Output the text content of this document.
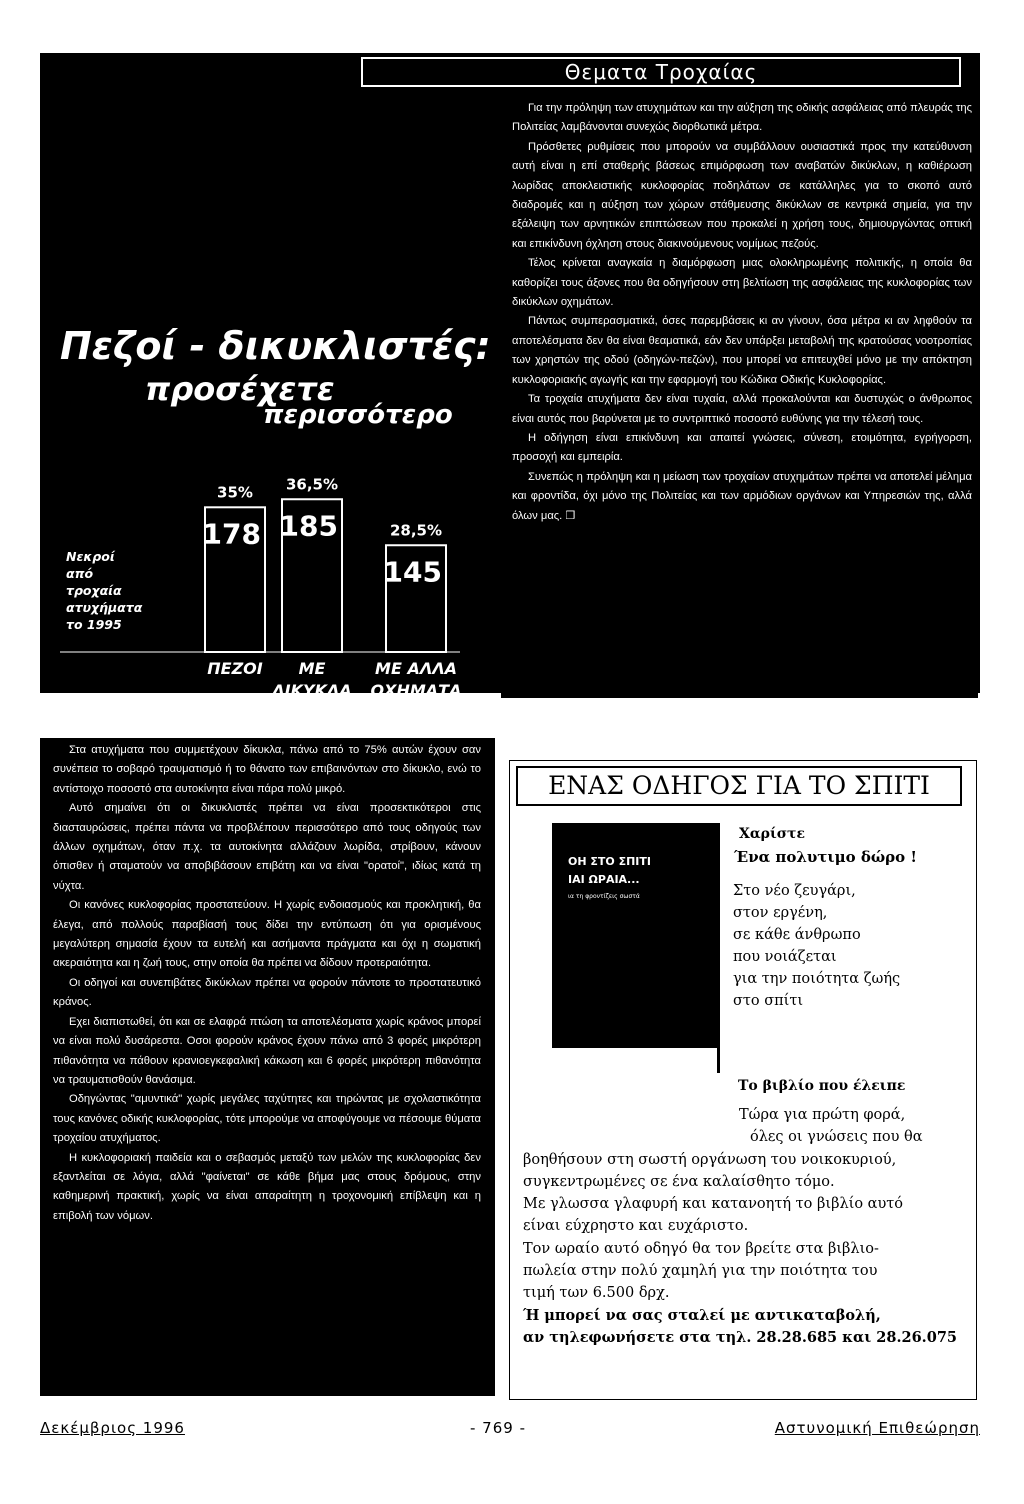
Θεματα Τροχαίας
Πεζοί - δικυκλιστές:
προσέχετε
περισσότερο
Νεκροί
από
τροχαία
ατυχήματα
το 1995
178
35%
ΠΕΖΟΙ
185
36,5%
ΜΕ
ΔΙΚΥΚΛΑ
145
28,5%
ΜΕ ΑΛΛΑ
ΟΧΗΜΑΤΑ
ΔΙΕΥΘΥΝΣΗ ΤΡΟΧΑΙΑΣ ΑΤΤΙΚΗΣ

Στα ατυχήματα που συμμετέχουν δίκυκλα, πάνω από το 75% αυτών έχουν σαν συνέπεια το σοβαρό τραυματισμό ή το θάνατο των επιβαινόντων στο δίκυκλο, ενώ το αντίστοιχο ποσοστό στα αυτοκίνητα είναι πάρα πολύ μικρό.

Αυτό σημαίνει ότι οι δικυκλιστές πρέπει να είναι προσεκτικότεροι στις διασταυρώσεις, πρέπει πάντα να προβλέπουν περισσότερο από τους οδηγούς των άλλων οχημάτων, όταν π.χ. τα αυτοκίνητα αλλάζουν λωρίδα, στρίβουν, κάνουν όπισθεν ή σταματούν να αποβιβάσουν επιβάτη και να είναι "ορατοί", ιδίως κατά τη νύχτα.

Οι κανόνες κυκλοφορίας προστατεύουν. Η χωρίς ενδοιασμούς και προκλητική, θα έλεγα, από πολλούς παραβίασή τους δίδει την εντύπωση ότι για ορισμένους μεγαλύτερη σημασία έχουν τα ευτελή και ασήμαντα πράγματα και όχι η σωματική ακεραιότητα και η ζωή τους, στην οποία θα πρέπει να δίδουν προτεραιότητα.

Οι οδηγοί και συνεπιβάτες δικύκλων πρέπει να φορούν πάντοτε το προστατευτικό κράνος.

Εχει διαπιστωθεί, ότι και σε ελαφρά πτώση τα αποτελέσματα χωρίς κράνος μπορεί να είναι πολύ δυσάρεστα. Οσοι φορούν κράνος έχουν πάνω από 3 φορές μικρότερη πιθανότητα να πάθουν κρανιοεγκεφαλική κάκωση και 6 φορές μικρότερη πιθανότητα να τραυματισθούν θανάσιμα.

Οδηγώντας "αμυντικά" χωρίς μεγάλες ταχύτητες και τηρώντας με σχολαστικότητα τους κανόνες οδικής κυκλοφορίας, τότε μπορούμε να αποφύγουμε να πέσουμε θύματα τροχαίου ατυχήματος.

Η κυκλοφοριακή παιδεία και ο σεβασμός μεταξύ των μελών της κυκλοφορίας δεν εξαντλείται σε λόγια, αλλά "φαίνεται" σε κάθε βήμα μας στους δρόμους, στην καθημερινή πρακτική, χωρίς να είναι απαραίτητη η τροχονομική επίβλεψη και η επιβολή των νόμων.

Για την πρόληψη των ατυχημάτων και την αύξηση της οδικής ασφάλειας από πλευράς της Πολιτείας λαμβάνονται συνεχώς διορθωτικά μέτρα.

Πρόσθετες ρυθμίσεις που μπορούν να συμβάλλουν ουσιαστικά προς την κατεύθυνση αυτή είναι η επί σταθερής βάσεως επιμόρφωση των αναβατών δικύκλων, η καθιέρωση λωρίδας αποκλειστικής κυκλοφορίας ποδηλάτων σε κατάλληλες για το σκοπό αυτό διαδρομές και η αύξηση των χώρων στάθμευσης δικύκλων σε κεντρικά σημεία, για την εξάλειψη των αρνητικών επιπτώσεων που προκαλεί η χρήση τους, δημιουργώντας οπτική και επικίνδυνη όχληση στους διακινούμενους νομίμως πεζούς.

Τέλος κρίνεται αναγκαία η διαμόρφωση μιας ολοκληρωμένης πολιτικής, η οποία θα καθορίζει τους άξονες που θα οδηγήσουν στη βελτίωση της ασφάλειας της κυκλοφορίας των δικύκλων οχημάτων.

Πάντως συμπερασματικά, όσες παρεμβάσεις κι αν γίνουν, όσα μέτρα κι αν ληφθούν τα αποτελέσματα δεν θα είναι θεαματικά, εάν δεν υπάρξει μεταβολή της κρατούσας νοοτροπίας των χρηστών της οδού (οδηγών-πεζών), που μπορεί να επιτευχθεί μόνο με την απόκτηση κυκλοφοριακής αγωγής και την εφαρμογή του Κώδικα Οδικής Κυκλοφορίας.

Τα τροχαία ατυχήματα δεν είναι τυχαία, αλλά προκαλούνται και δυστυχώς ο άνθρωπος είναι αυτός που βαρύνεται με το συντριπτικό ποσοστό ευθύνης για την τέλεσή τους.

Η οδήγηση είναι επικίνδυνη και απαιτεί γνώσεις, σύνεση, ετοιμότητα, εγρήγορση, προσοχή και εμπειρία.

Συνεπώς η πρόληψη και η μείωση των τροχαίων ατυχημάτων πρέπει να αποτελεί μέλημα και φροντίδα, όχι μόνο της Πολιτείας και των αρμόδιων οργάνων και Υπηρεσιών της, αλλά όλων μας. ❒

ΕΝΑΣ ΟΔΗΓΟΣ ΓΙΑ ΤΟ ΣΠΙΤΙ
ΟΗ ΣΤΟ ΣΠΙΤΙ
ΙΑΙ ΩΡΑΙΑ...
ια τη φροντίζεις σωστά
Χαρίστε
Ένα πολυτιμο δώρο !
Στο νέο ζευγάρι,
στον εργένη,
σε κάθε άνθρωπο
που νοιάζεται
για την ποιότητα ζωής
στο σπίτι
Το βιβλίο που έλειπε
Τώρα για πρώτη φορά,
όλες οι γνώσεις που θα
βοηθήσουν στη σωστή οργάνωση του νοικοκυριού,
συγκεντρωμένες σε ένα καλαίσθητο τόμο.
Με γλωσσα γλαφυρή και κατανοητή το βιβλίο αυτό
είναι εύχρηστο και ευχάριστο.
Τον ωραίο αυτό οδηγό θα τον βρείτε στα βιβλιο-
πωλεία στην πολύ χαμηλή για την ποιότητα του
τιμή των 6.500 δρχ.
Ή μπορεί να σας σταλεί με αντικαταβολή,
αν τηλεφωνήσετε στα τηλ. 28.28.685 και 28.26.075
Δεκέμβριος 1996	- 769 -	Αστυνομική Επιθεώρηση
